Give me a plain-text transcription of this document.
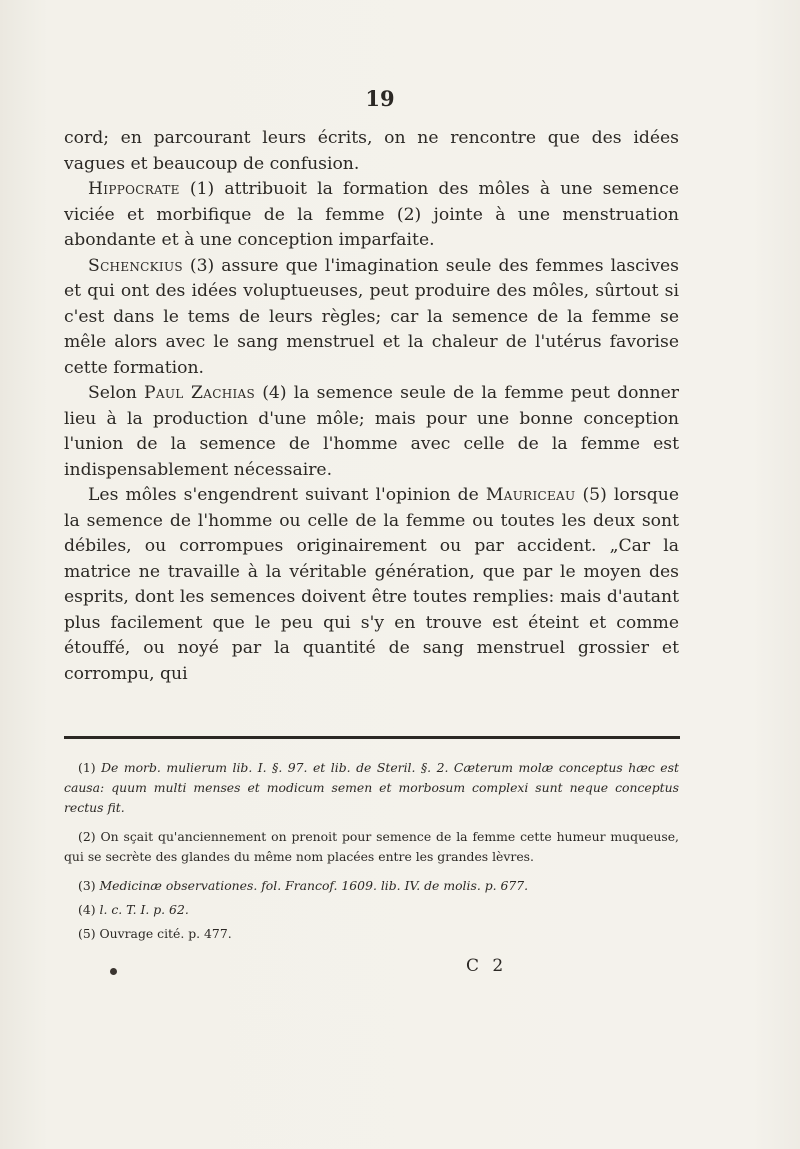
19

cord; en parcourant leurs écrits, on ne rencontre que des idées vagues et beaucoup de confusion.

Hippocrate (1) attribuoit la formation des môles à une semence viciée et morbifique de la femme (2) jointe à une menstruation abondante et à une conception imparfaite.

Schenckius (3) assure que l'imagination seule des femmes lascives et qui ont des idées voluptueuses, peut produire des môles, sûrtout si c'est dans le tems de leurs règles; car la semence de la femme se mêle alors avec le sang menstruel et la chaleur de l'utérus favorise cette formation.

Selon Paul Zachias (4) la semence seule de la femme peut donner lieu à la production d'une môle; mais pour une bonne conception l'union de la semence de l'homme avec celle de la femme est indispensablement nécessaire.

Les môles s'engendrent suivant l'opinion de Mauriceau (5) lorsque la semence de l'homme ou celle de la femme ou toutes les deux sont débiles, ou corrompues originairement ou par accident. „Car la matrice ne travaille à la véritable génération, que par le moyen des esprits, dont les semences doivent être toutes remplies: mais d'autant plus facilement que le peu qui s'y en trouve est éteint et comme étouffé, ou noyé par la quantité de sang menstruel grossier et corrompu, qui

(1) De morb. mulierum lib. I. §. 97. et lib. de Steril. §. 2. Cæterum molæ conceptus hæc est causa: quum multi menses et modicum semen et morbosum complexi sunt neque conceptus rectus fit.

(2) On sçait qu'anciennement on prenoit pour semence de la femme cette humeur muqueuse, qui se secrète des glandes du même nom placées entre les grandes lèvres.

(3) Medicinæ observationes. fol. Francof. 1609. lib. IV. de molis. p. 677.

(4) l. c. T. I. p. 62.

(5) Ouvrage cité. p. 477.

C 2
